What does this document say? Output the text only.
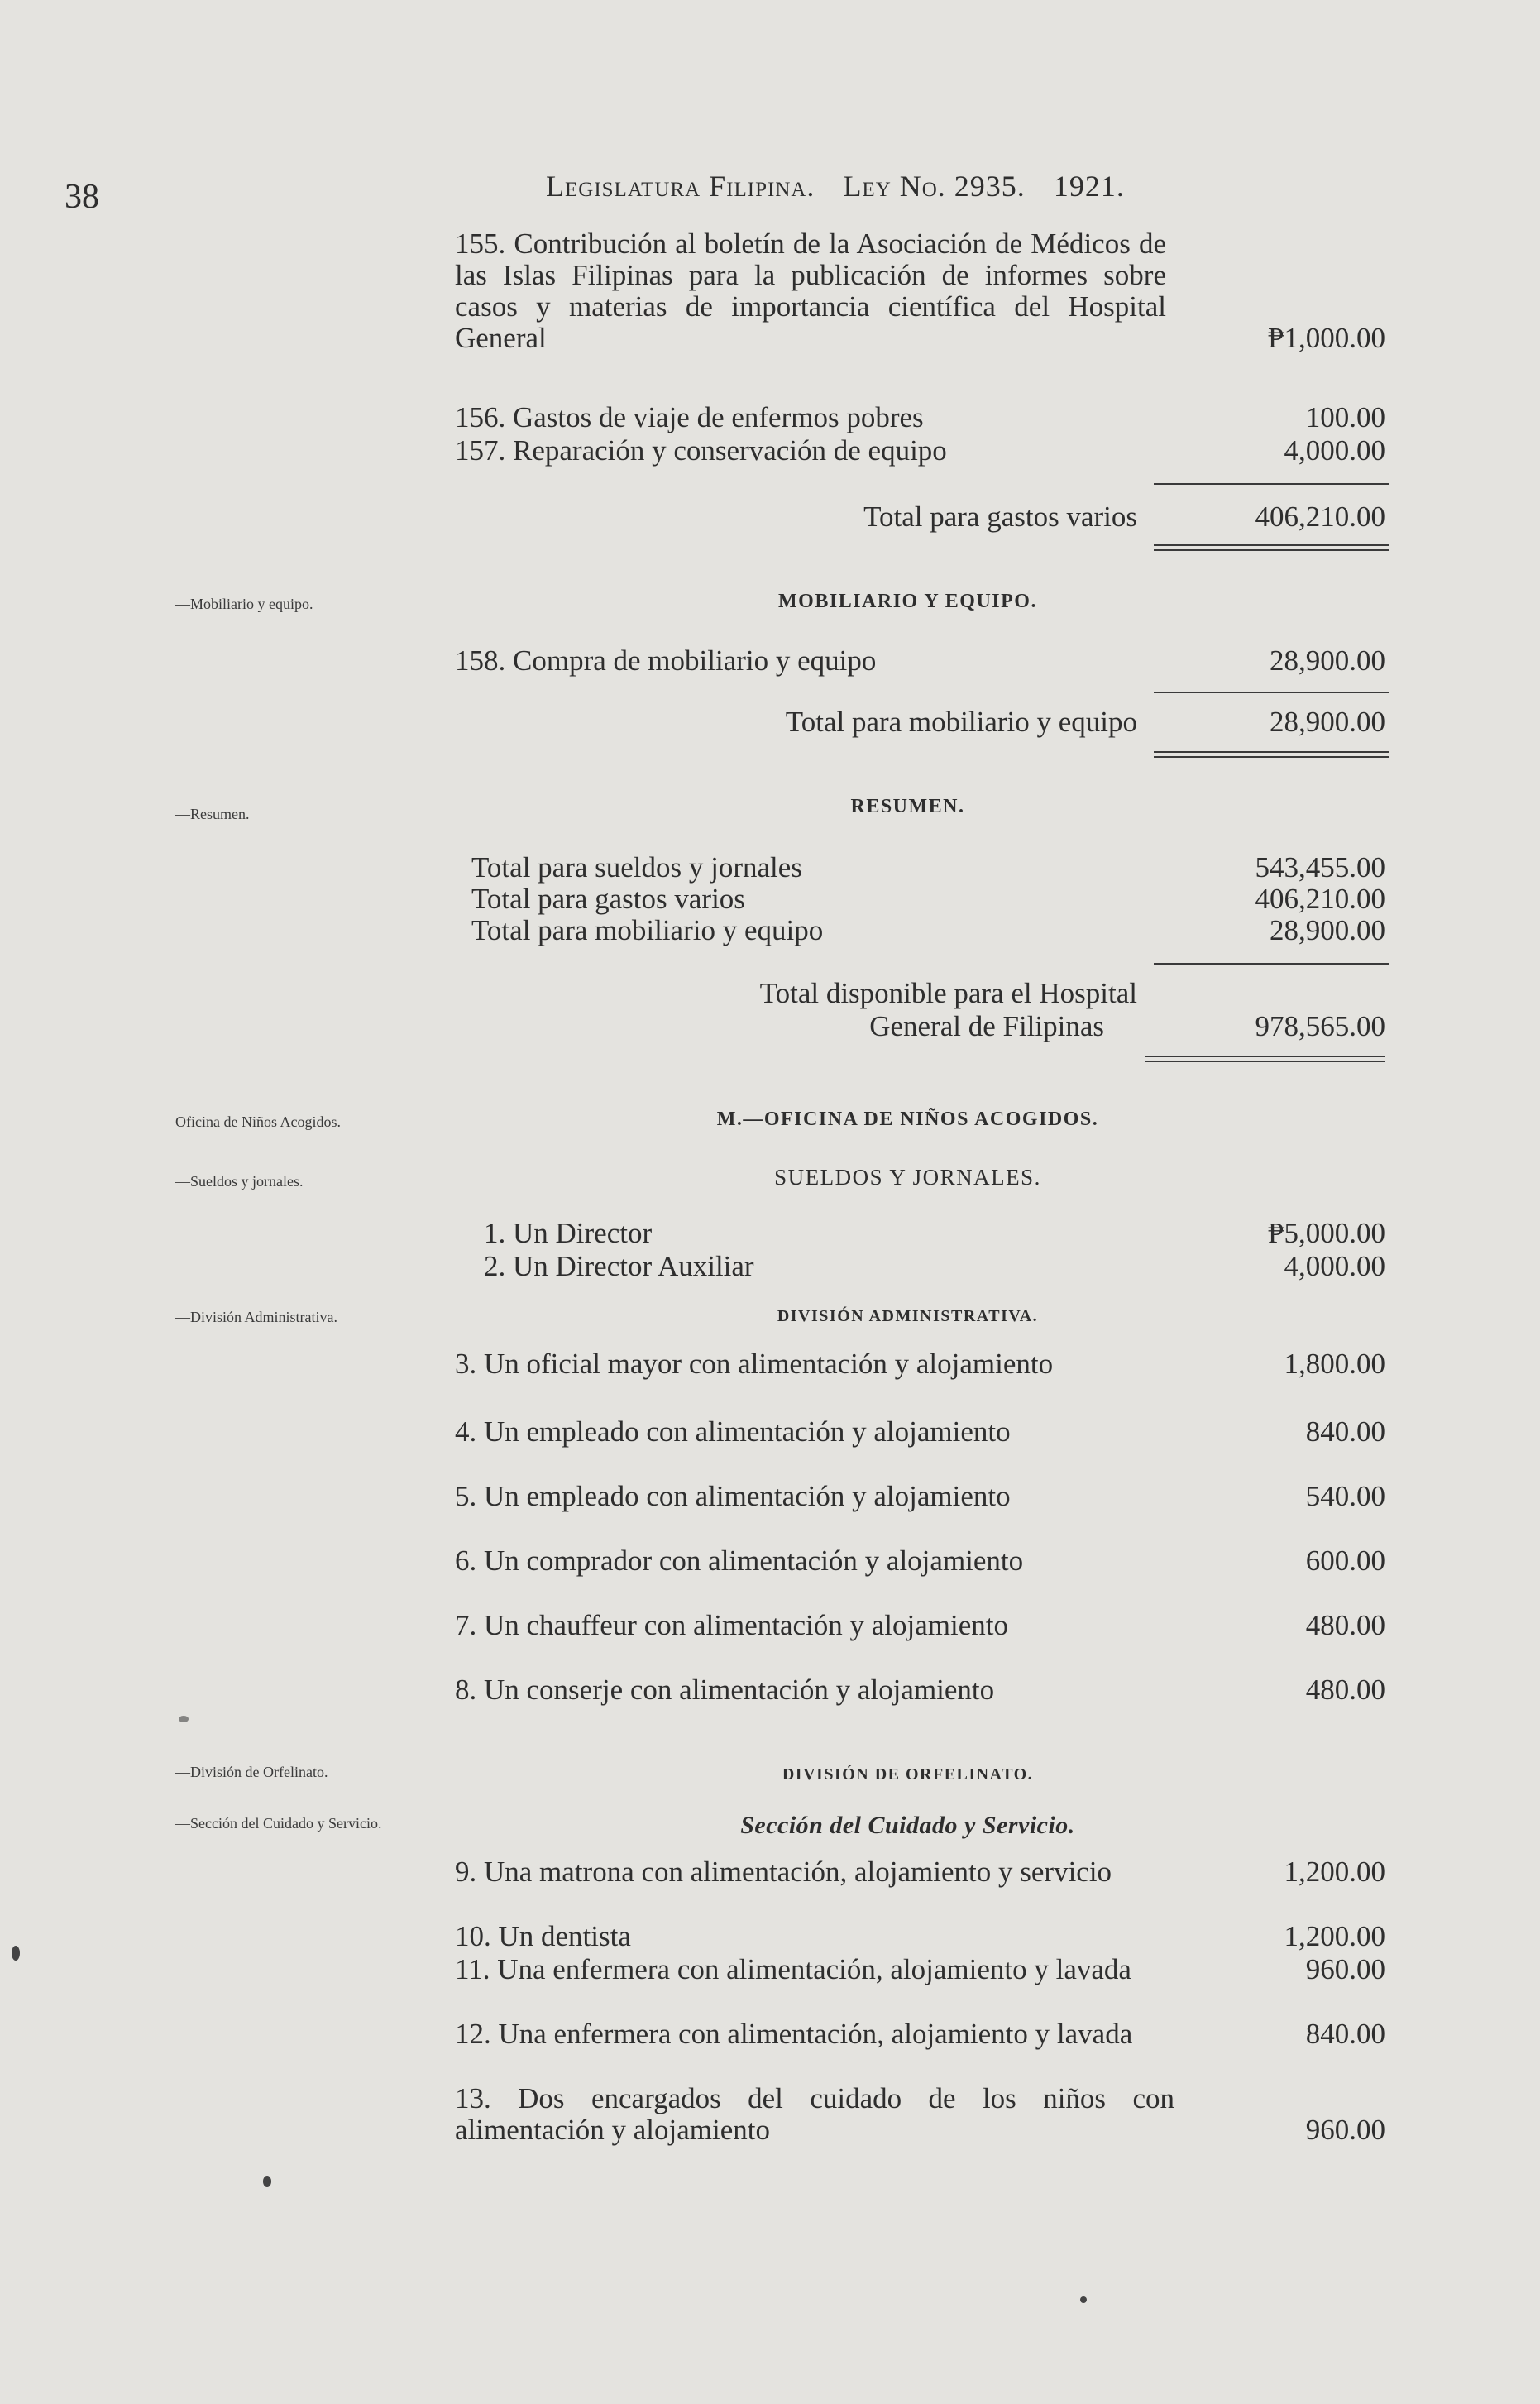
38	Legislatura Filipina. Ley No. 2935. 1921.
155. Contribución al boletín de la Asociación de Médicos de las Islas Filipinas para la publicación de informes sobre casos y materias de importancia científica del Hospital General	₱1,000.00
156. Gastos de viaje de enfermos pobres	100.00
157. Reparación y conservación de equipo	4,000.00
Total para gastos varios	406,210.00
—Mobiliario y equipo.	MOBILIARIO Y EQUIPO.
158. Compra de mobiliario y equipo	28,900.00
Total para mobiliario y equipo	28,900.00
—Resumen.	RESUMEN.
Total para sueldos y jornales	543,455.00
Total para gastos varios	406,210.00
Total para mobiliario y equipo	28,900.00
Total disponible para el Hospital
General de Filipinas	978,565.00
Oficina de Niños Acogidos.
—Sueldos y jornales.
M.—OFICINA DE NIÑOS ACOGIDOS.
SUELDOS Y JORNALES.
1. Un Director	₱5,000.00
2. Un Director Auxiliar	4,000.00
—División Administrativa.	DIVISIÓN ADMINISTRATIVA.
3. Un oficial mayor con alimentación y alojamiento	1,800.00
4. Un empleado con alimentación y alojamiento	840.00
5. Un empleado con alimentación y alojamiento	540.00
6. Un comprador con alimentación y alojamiento	600.00
7. Un chauffeur con alimentación y alojamiento	480.00
8. Un conserje con alimentación y alojamiento	480.00
—División de Orfelinato.
—Sección del Cuidado y Servicio.
DIVISIÓN DE ORFELINATO.
Sección del Cuidado y Servicio.
9. Una matrona con alimentación, alojamiento y servicio	1,200.00
10. Un dentista	1,200.00
11. Una enfermera con alimentación, alojamiento y lavada	960.00
12. Una enfermera con alimentación, alojamiento y lavada	840.00
13. Dos encargados del cuidado de los niños con alimentación y alojamiento	960.00
